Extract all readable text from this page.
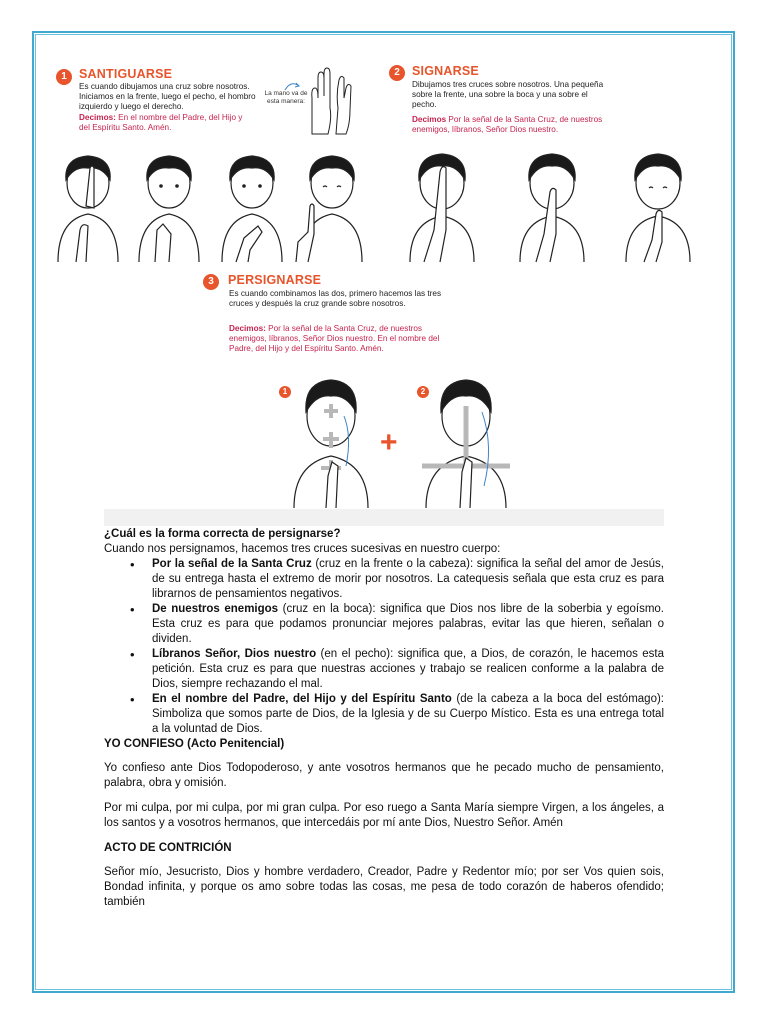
1 SANTIGUARSE
Es cuando dibujamos una cruz sobre nosotros. Iniciamos en la frente, luego el pecho, el hombro izquierdo y luego el derecho.
Decimos: En el nombre del Padre, del Hijo y del Espíritu Santo. Amén.
La mano va de esta manera:
2 SIGNARSE
Dibujamos tres cruces sobre nosotros. Una pequeña sobre la frente, una sobre la boca y una sobre el pecho.
Decimos Por la señal de la Santa Cruz, de nuestros enemigos, líbranos, Señor Dios nuestro.
3	PERSIGNARSE
Es cuando combinamos las dos, primero hacemos las tres cruces y después la cruz grande sobre nosotros.
Decimos: Por la señal de la Santa Cruz, de nuestros enemigos, líbranos, Señor Dios nuestro. En el nombre del Padre, del Hijo y del Espíritu Santo. Amén.
1	2
+

¿Cuál es la forma correcta de persignarse?

Cuando nos persignamos, hacemos tres cruces sucesivas en nuestro cuerpo:

• Por la señal de la Santa Cruz (cruz en la frente o la cabeza): significa la señal del amor de Jesús, de su entrega hasta el extremo de morir por nosotros. La catequesis señala que esta cruz es para librarnos de pensamientos negativos.
• De nuestros enemigos (cruz en la boca): significa que Dios nos libre de la soberbia y egoísmo. Esta cruz es para que podamos pronunciar mejores palabras, evitar las que hieren, señalan o dividen.
• Líbranos Señor, Dios nuestro (en el pecho): significa que, a Dios, de corazón, le hacemos esta petición. Esta cruz es para que nuestras acciones y trabajo se realicen conforme a la palabra de Dios, siempre rechazando el mal.
• En el nombre del Padre, del Hijo y del Espíritu Santo (de la cabeza a la boca del estómago): Simboliza que somos parte de Dios, de la Iglesia y de su Cuerpo Místico. Esta es una entrega total a la voluntad de Dios.

YO CONFIESO (Acto Penitencial)

Yo confieso ante Dios Todopoderoso, y ante vosotros hermanos que he pecado mucho de pensamiento, palabra, obra y omisión.

Por mi culpa, por mi culpa, por mi gran culpa. Por eso ruego a Santa María siempre Virgen, a los ángeles, a los santos y a vosotros hermanos, que intercedáis por mí ante Dios, Nuestro Señor. Amén

ACTO DE CONTRICIÓN

Señor mío, Jesucristo, Dios y hombre verdadero, Creador, Padre y Redentor mío; por ser Vos quien sois, Bondad infinita, y porque os amo sobre todas las cosas, me pesa de todo corazón de haberos ofendido; también
